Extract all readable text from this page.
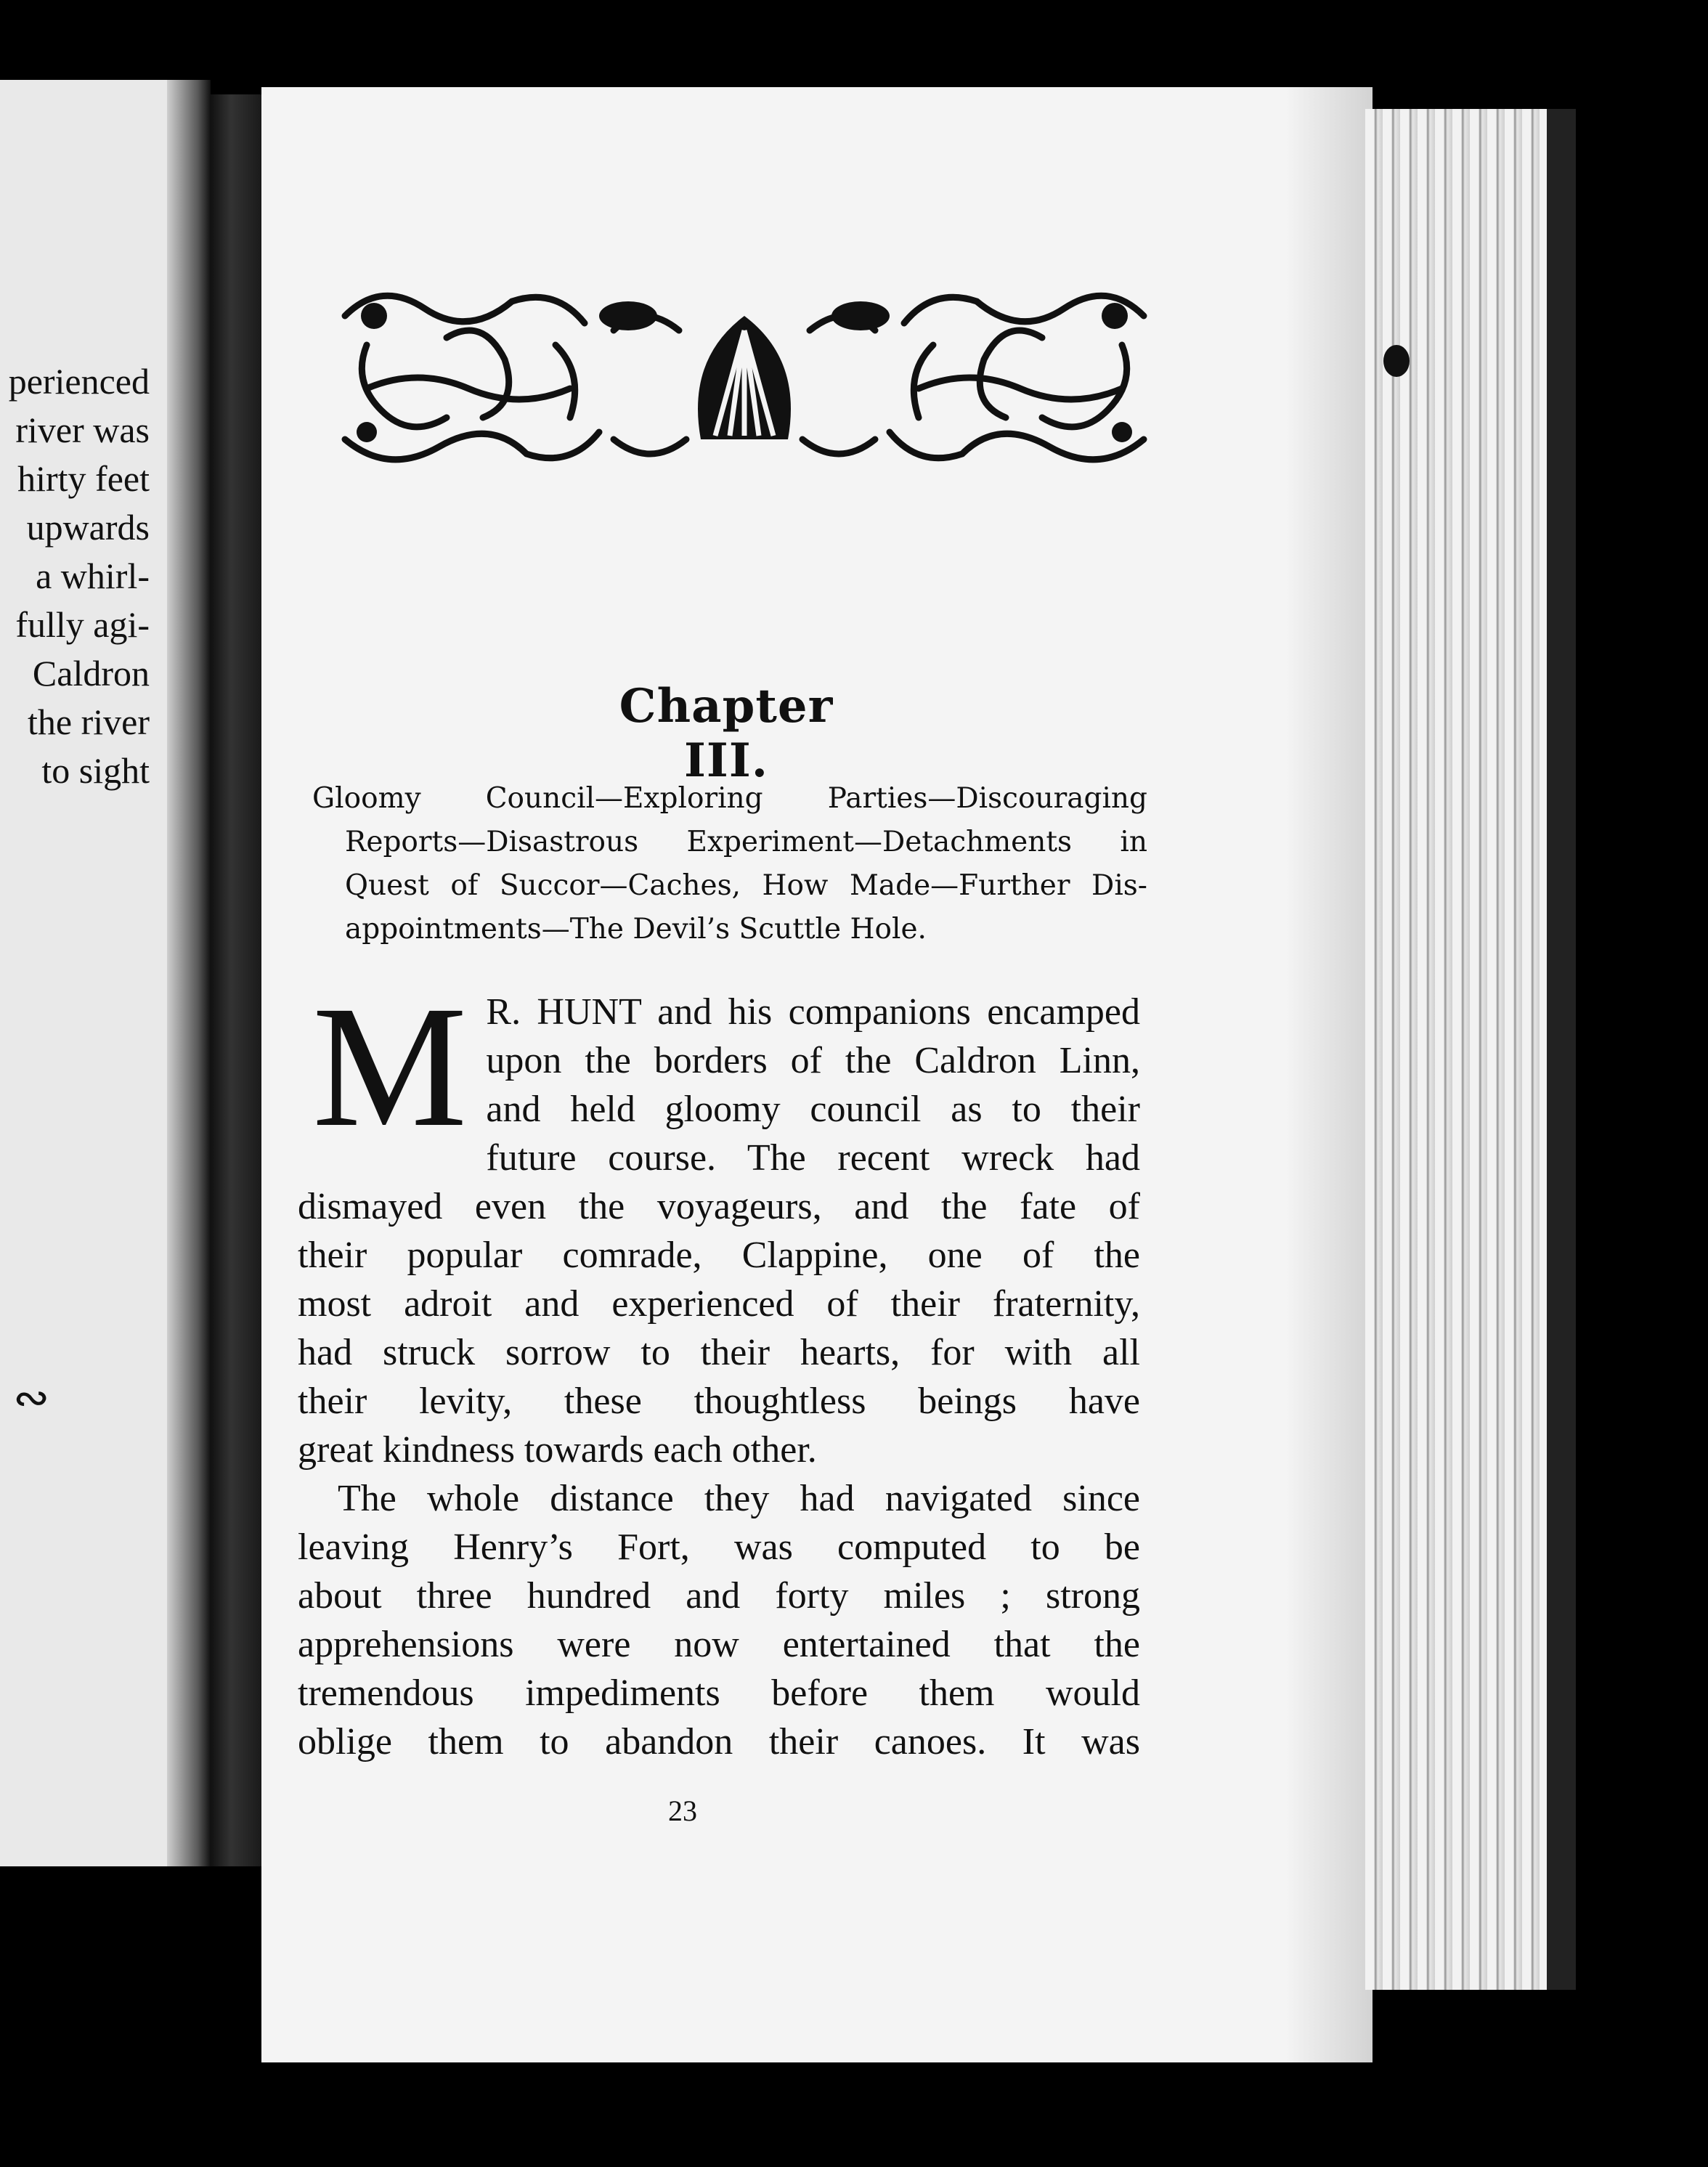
perienced
river was
hirty feet
upwards
a whirl-
fully agi-
Caldron
the river
to sight
∾
Chapter III.
Gloomy Council—Exploring Parties—Discouraging
Reports—Disastrous Experiment—Detachments in
Quest of Succor—Caches, How Made—Further Dis-
appointments—The Devil’s Scuttle Hole.
M R. HUNT and his companions encamped
upon the borders of the Caldron Linn,
and held gloomy council as to their
future course. The recent wreck had
dismayed even the voyageurs, and the fate of
their popular comrade, Clappine, one of the
most adroit and experienced of their fraternity,
had struck sorrow to their hearts, for with all
their levity, these thoughtless beings have
great kindness towards each other.
The whole distance they had navigated since
leaving Henry’s Fort, was computed to be
about three hundred and forty miles ; strong
apprehensions were now entertained that the
tremendous impediments before them would
oblige them to abandon their canoes. It was
23
